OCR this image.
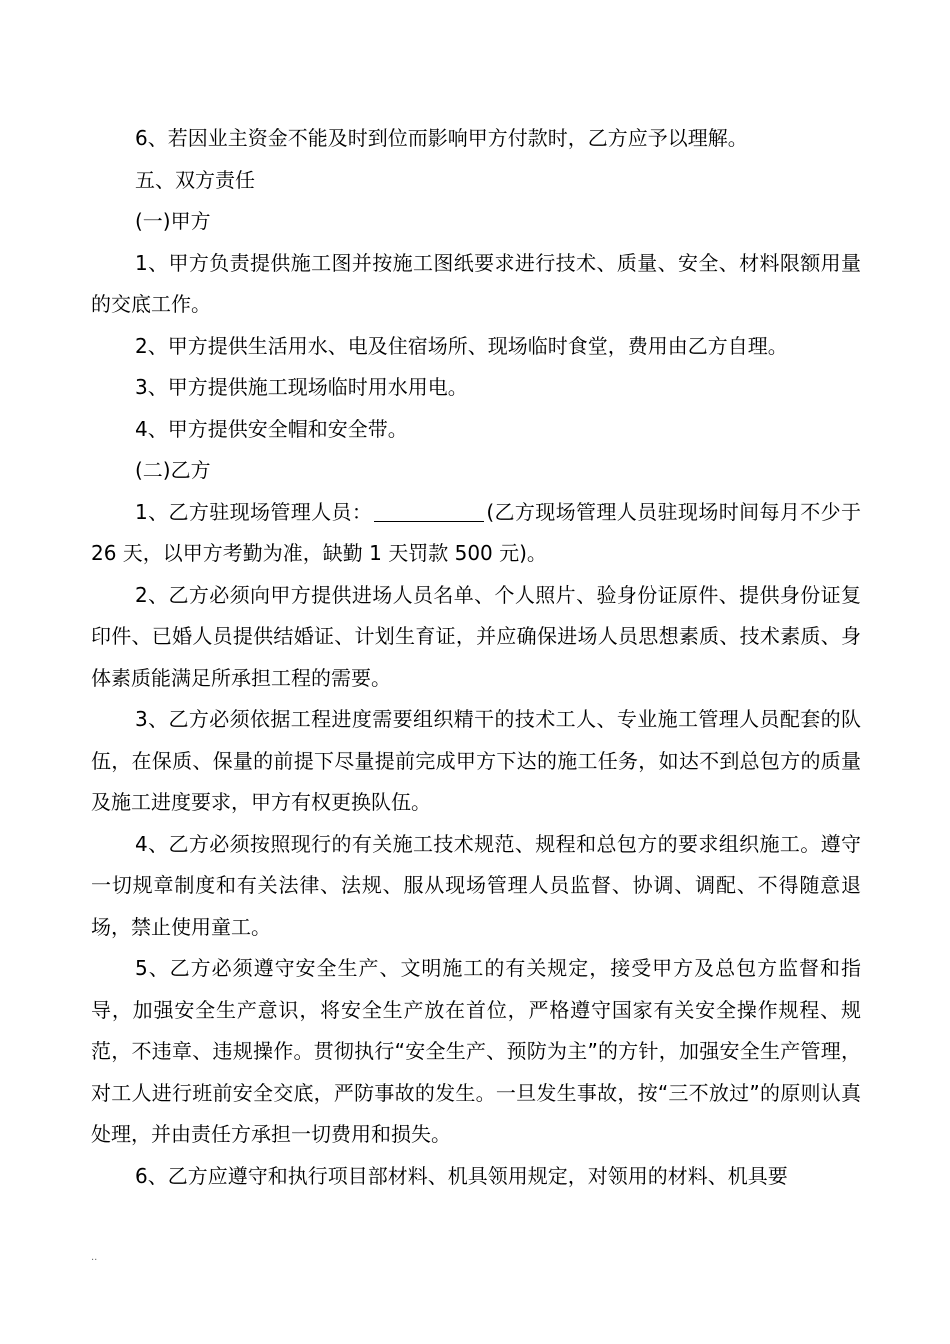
6、若因业主资金不能及时到位而影响甲方付款时，乙方应予以理解。

五、双方责任

(一)甲方

1、甲方负责提供施工图并按施工图纸要求进行技术、质量、安全、材料限额用量的交底工作。

2、甲方提供生活用水、电及住宿场所、现场临时食堂，费用由乙方自理。

3、甲方提供施工现场临时用水用电。

4、甲方提供安全帽和安全带。

(二)乙方

1、乙方驻现场管理人员：	(乙方现场管理人员驻现场时间每月不少于 26 天，以甲方考勤为准，缺勤 1 天罚款 500 元)。

2、乙方必须向甲方提供进场人员名单、个人照片、验身份证原件、提供身份证复印件、已婚人员提供结婚证、计划生育证，并应确保进场人员思想素质、技术素质、身体素质能满足所承担工程的需要。

3、乙方必须依据工程进度需要组织精干的技术工人、专业施工管理人员配套的队伍，在保质、保量的前提下尽量提前完成甲方下达的施工任务，如达不到总包方的质量及施工进度要求，甲方有权更换队伍。

4、乙方必须按照现行的有关施工技术规范、规程和总包方的要求组织施工。遵守一切规章制度和有关法律、法规、服从现场管理人员监督、协调、调配、不得随意退场，禁止使用童工。

5、乙方必须遵守安全生产、文明施工的有关规定，接受甲方及总包方监督和指导，加强安全生产意识，将安全生产放在首位，严格遵守国家有关安全操作规程、规范，不违章、违规操作。贯彻执行“安全生产、预防为主”的方针，加强安全生产管理，对工人进行班前安全交底，严防事故的发生。一旦发生事故，按“三不放过”的原则认真处理，并由责任方承担一切费用和损失。

6、乙方应遵守和执行项目部材料、机具领用规定，对领用的材料、机具要

..
